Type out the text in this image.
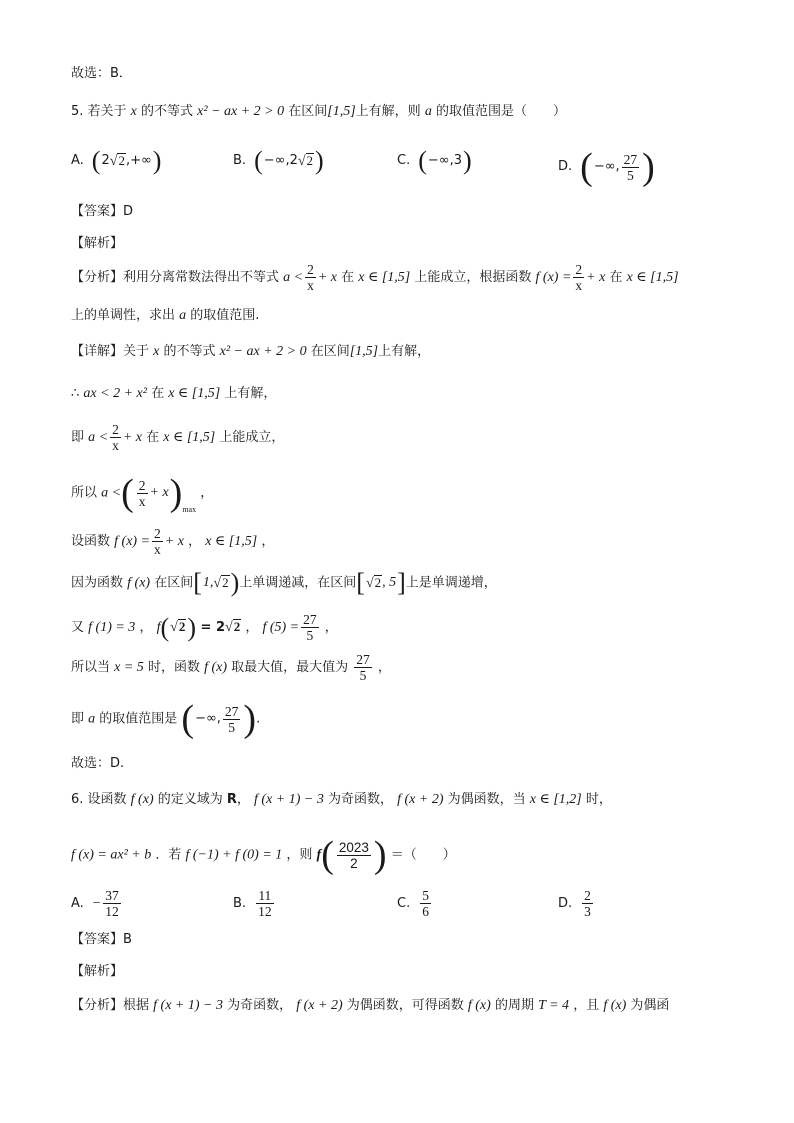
故选：B．
5. 若关于 x 的不等式 x² − ax + 2 > 0 在区间[1,5]上有解，则 a 的取值范围是（　　）
A. ( 2 √2 ,+∞ )	B. ( −∞,2 √2 )	C. ( −∞,3 )	D. ( −∞, $\frac{27}{5}$ )
【答案】D
【解析】
【分析】利用分离常数法得出不等式 $a < \frac{2}{x} + x$ 在 x ∈ [1,5] 上能成立，根据函数 f $(x) = \frac{2}{x} + x$ 在 x ∈ [1,5]
上的单调性，求出 a 的取值范围.
【详解】关于 x 的不等式 x² − ax + 2 > 0 在区间[1,5]上有解，
∴ ax < 2 + x² 在 x ∈ [1,5] 上有解，
即 $a < \frac{2}{x} + x$ 在 x ∈ [1,5] 上能成立，
所以 a < ( $\frac{2}{x} + x$ ) max
，
设函数 f $(x) = \frac{2}{x} + x$ ， x ∈ [1,5] ，
因为函数 f (x) 在区间 [ 1, √2 ) 上单调递减，在区间 [ √2 , 5 ] 上是单调递增，
又 f (1) = 3 ， f ( √2 ) = 2√2 ， f $(5) = \frac{27}{5}$ ，
所以当 x = 5 时，函数 f (x) 取最大值，最大值为 $\frac{27}{5}$ ，
即 a 的取值范围是 ( −∞, $\frac{27}{5}$ ) .
故选：D.
6. 设函数 f (x) 的定义域为 R， f (x + 1) − 3 为奇函数， f (x + 2) 为偶函数，当 x ∈ [1,2] 时，
f (x) = ax² + b ．若 f (−1) + f (0) = 1 ，则 f ( $\frac{2023}{2}$ ) ＝（　　）
A. − $\frac{37}{12}$	B. $\frac{11}{12}$	C. $\frac{5}{6}$	D. $\frac{2}{3}$
【答案】B
【解析】
【分析】根据 f (x + 1) − 3 为奇函数， f (x + 2) 为偶函数，可得函数 f (x) 的周期 T = 4 ，且 f (x) 为偶函
